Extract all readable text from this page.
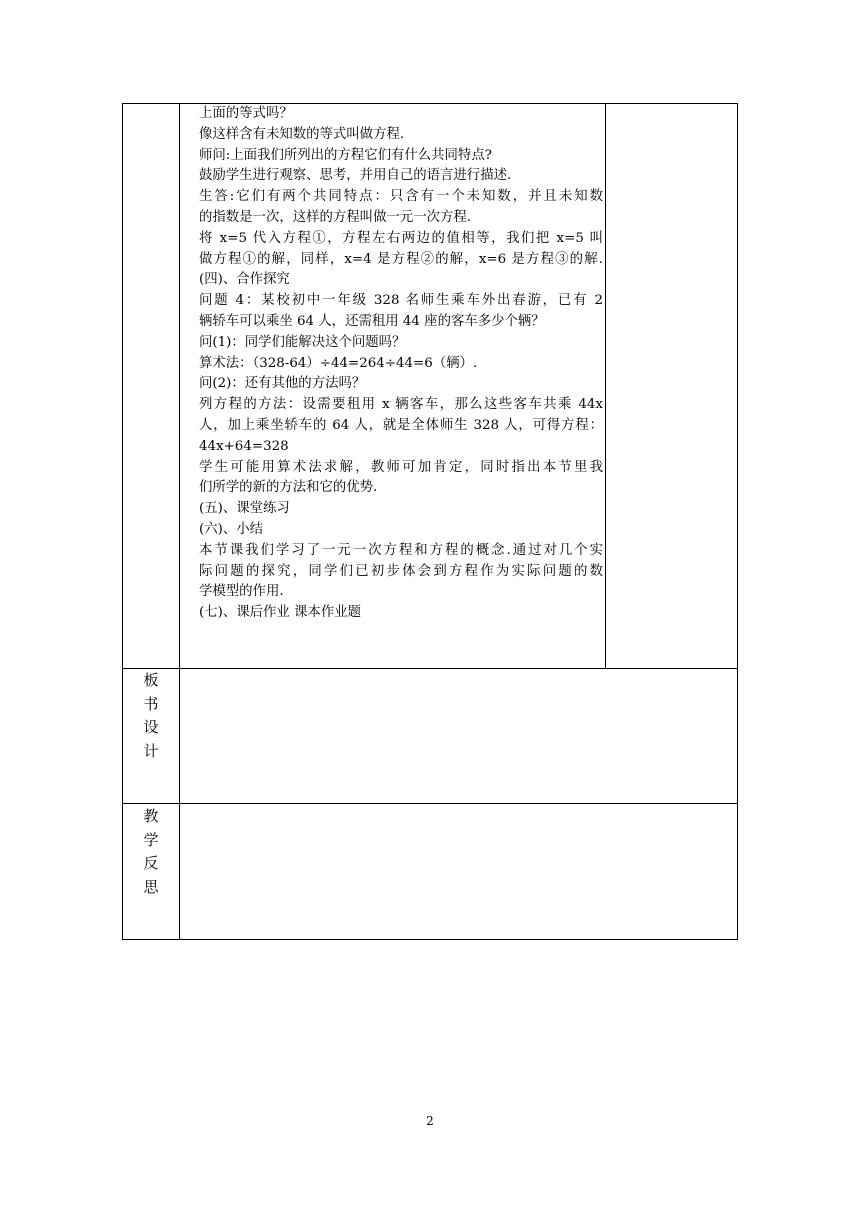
上面的等式吗？
像这样含有未知数的等式叫做方程.
师问:上面我们所列出的方程它们有什么共同特点?
鼓励学生进行观察、思考，并用自己的语言进行描述.
生答:它们有两个共同特点：只含有一个未知数，并且未知数
的指数是一次，这样的方程叫做一元一次方程.
将 x=5 代入方程①，方程左右两边的值相等，我们把 x=5 叫
做方程①的解，同样，x=4 是方程②的解，x=6 是方程③的解.
(四)、合作探究
问题 4：某校初中一年级 328 名师生乘车外出春游，已有 2
辆轿车可以乘坐 64 人，还需租用 44 座的客车多少个辆？
问(1)：同学们能解决这个问题吗？
算术法：（328-64）÷44=264÷44=6（辆）.
问(2)：还有其他的方法吗？
列方程的方法：设需要租用 x 辆客车，那么这些客车共乘 44x
人，加上乘坐轿车的 64 人，就是全体师生 328 人，可得方程：
44x+64=328
学生可能用算术法求解，教师可加肯定，同时指出本节里我
们所学的新的方法和它的优势.
(五)、课堂练习
(六)、小结
本节课我们学习了一元一次方程和方程的概念.通过对几个实
际问题的探究，同学们已初步体会到方程作为实际问题的数
学模型的作用.
(七)、课后作业 课本作业题
板
书
设
计
教
学
反
思
2
